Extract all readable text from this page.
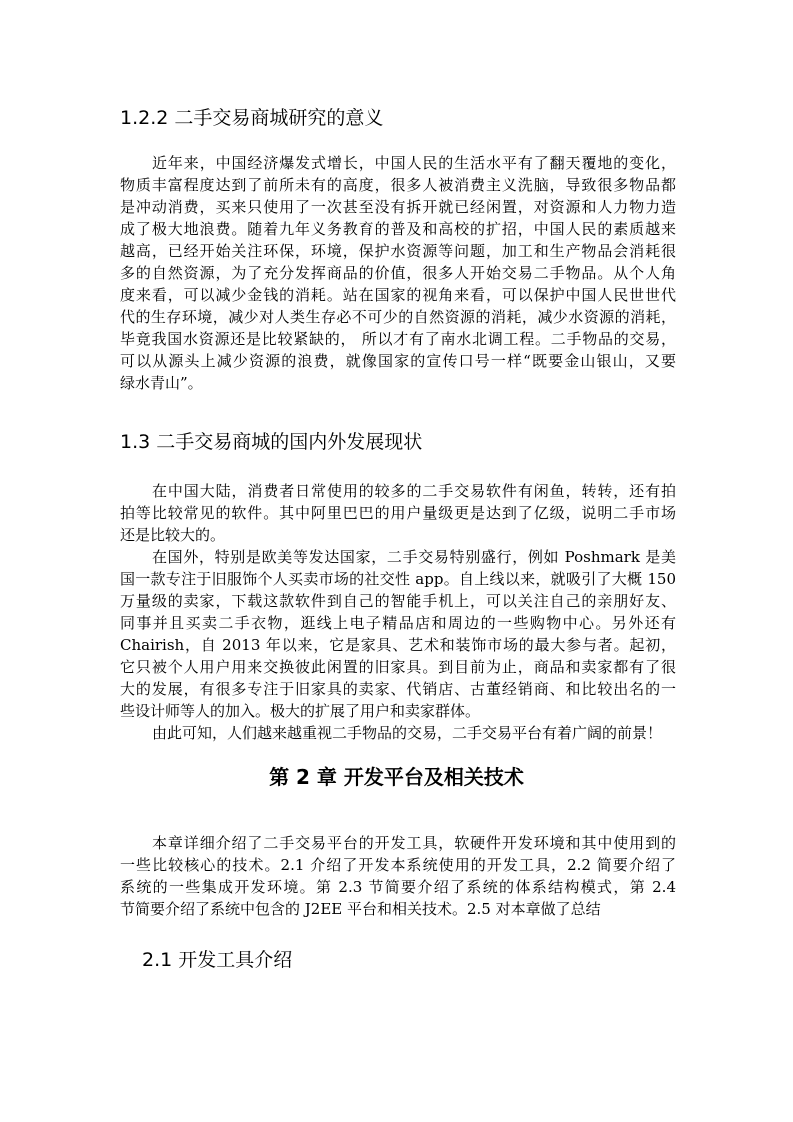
1.2.2 二手交易商城研究的意义
近年来，中国经济爆发式增长，中国人民的生活水平有了翻天覆地的变化，
物质丰富程度达到了前所未有的高度，很多人被消费主义洗脑，导致很多物品都
是冲动消费，买来只使用了一次甚至没有拆开就已经闲置，对资源和人力物力造
成了极大地浪费。随着九年义务教育的普及和高校的扩招，中国人民的素质越来
越高，已经开始关注环保，环境，保护水资源等问题，加工和生产物品会消耗很
多的自然资源，为了充分发挥商品的价值，很多人开始交易二手物品。从个人角
度来看，可以减少金钱的消耗。站在国家的视角来看，可以保护中国人民世世代
代的生存环境，减少对人类生存必不可少的自然资源的消耗，减少水资源的消耗，
毕竟我国水资源还是比较紧缺的， 所以才有了南水北调工程。二手物品的交易，
可以从源头上减少资源的浪费，就像国家的宣传口号一样“既要金山银山，又要
绿水青山”。
1.3 二手交易商城的国内外发展现状
在中国大陆，消费者日常使用的较多的二手交易软件有闲鱼，转转，还有拍
拍等比较常见的软件。其中阿里巴巴的用户量级更是达到了亿级，说明二手市场
还是比较大的。
在国外，特别是欧美等发达国家，二手交易特别盛行，例如 Poshmark 是美
国一款专注于旧服饰个人买卖市场的社交性 app。自上线以来，就吸引了大概 150
万量级的卖家，下载这款软件到自己的智能手机上，可以关注自己的亲朋好友、
同事并且买卖二手衣物，逛线上电子精品店和周边的一些购物中心。另外还有
Chairish，自 2013 年以来，它是家具、艺术和装饰市场的最大参与者。起初，
它只被个人用户用来交换彼此闲置的旧家具。到目前为止，商品和卖家都有了很
大的发展，有很多专注于旧家具的卖家、代销店、古董经销商、和比较出名的一
些设计师等人的加入。极大的扩展了用户和卖家群体。
由此可知，人们越来越重视二手物品的交易，二手交易平台有着广阔的前景！
第 2 章 开发平台及相关技术
本章详细介绍了二手交易平台的开发工具，软硬件开发环境和其中使用到的
一些比较核心的技术。2.1 介绍了开发本系统使用的开发工具，2.2 简要介绍了
系统的一些集成开发环境。第 2.3 节简要介绍了系统的体系结构模式，第 2.4
节简要介绍了系统中包含的 J2EE 平台和相关技术。2.5 对本章做了总结
2.1 开发工具介绍
